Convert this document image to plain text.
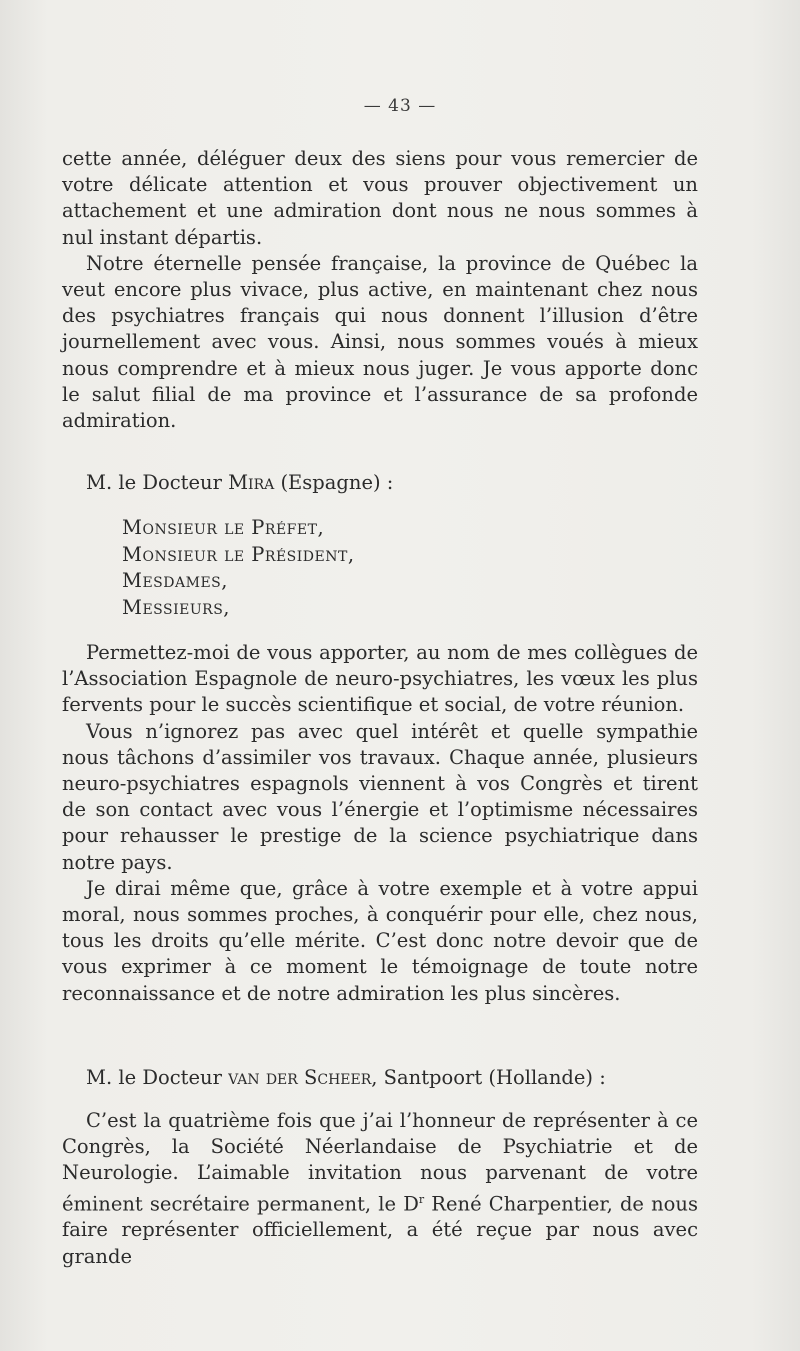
— 43 —

cette année, déléguer deux des siens pour vous remercier de votre délicate attention et vous prouver objectivement un attachement et une admiration dont nous ne nous sommes à nul instant départis.

Notre éternelle pensée française, la province de Québec la veut encore plus vivace, plus active, en maintenant chez nous des psychiatres français qui nous donnent l’illusion d’être journellement avec vous. Ainsi, nous sommes voués à mieux nous comprendre et à mieux nous juger. Je vous apporte donc le salut filial de ma province et l’assurance de sa profonde admiration.

M. le Docteur Mira (Espagne) :
Monsieur le Préfet,
Monsieur le Président,
Mesdames,
Messieurs,

Permettez-moi de vous apporter, au nom de mes collègues de l’Association Espagnole de neuro-psychiatres, les vœux les plus fervents pour le succès scientifique et social, de votre réunion.

Vous n’ignorez pas avec quel intérêt et quelle sympathie nous tâchons d’assimiler vos travaux. Chaque année, plusieurs neuro-psychiatres espagnols viennent à vos Congrès et tirent de son contact avec vous l’énergie et l’optimisme nécessaires pour rehausser le prestige de la science psychiatrique dans notre pays.

Je dirai même que, grâce à votre exemple et à votre appui moral, nous sommes proches, à conquérir pour elle, chez nous, tous les droits qu’elle mérite. C’est donc notre devoir que de vous exprimer à ce moment le témoignage de toute notre reconnaissance et de notre admiration les plus sincères.

M. le Docteur van der Scheer, Santpoort (Hollande) :

C’est la quatrième fois que j’ai l’honneur de représenter à ce Congrès, la Société Néerlandaise de Psychiatrie et de Neurologie. L’aimable invitation nous parvenant de votre éminent secrétaire permanent, le $D^r$ René Charpentier, de nous faire représenter officiellement, a été reçue par nous avec grande
